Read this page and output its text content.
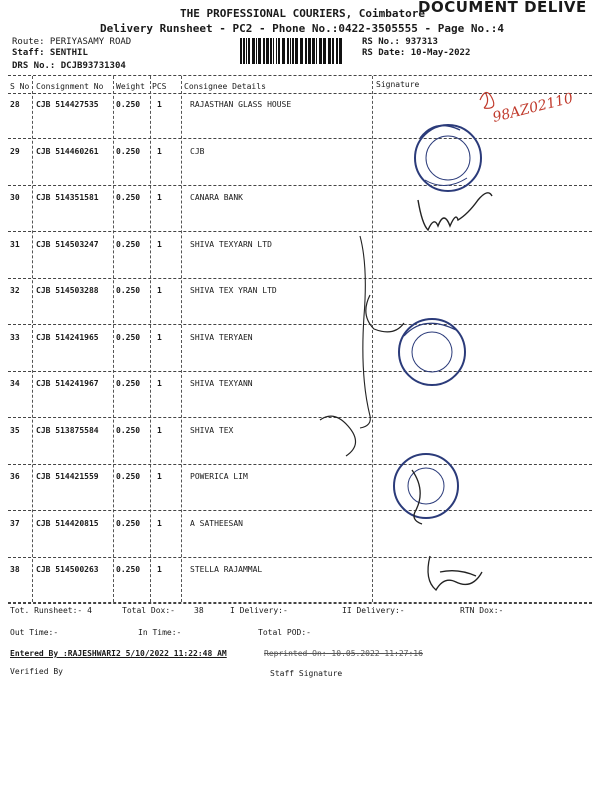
THE PROFESSIONAL COURIERS, Coimbatore
DOCUMENT DELIVE
Delivery Runsheet - PC2 - Phone No.:0422-3505555 - Page No.:4
Route: PERIYASAMY ROAD
Staff: SENTHIL
DRS No.: DCJB93731304
RS No.: 937313
RS Date: 10-May-2022
S No Consignment No Weight PCS Consignee Details	Signature
28 CJB 514427535 0.250 1	RAJASTHAN GLASS HOUSE
29 CJB 514460261 0.250 1	CJB
30 CJB 514351581 0.250 1	CANARA BANK
31 CJB 514503247 0.250 1	SHIVA TEXYARN LTD
32 CJB 514503288 0.250 1	SHIVA TEX YRAN LTD
33 CJB 514241965 0.250 1	SHIVA TERYAEN
34 CJB 514241967 0.250 1	SHIVA TEXYANN
35 CJB 513875584 0.250 1	SHIVA TEX
36 CJB 514421559 0.250 1	POWERICA LIM
37 CJB 514420815 0.250 1	A SATHEESAN
38 CJB 514500263 0.250 1	STELLA RAJAMMAL
98AZ02110
Tot. Runsheet:- 4	Total Dox:- 38	I Delivery:-	II Delivery:-	RTN Dox:-
Out Time:-	In Time:-	Total POD:-
Entered By :RAJESHWARI2 5/10/2022 11:22:48 AM	Reprinted On: 10.05.2022 11:27:16
Verified By	Staff Signature
